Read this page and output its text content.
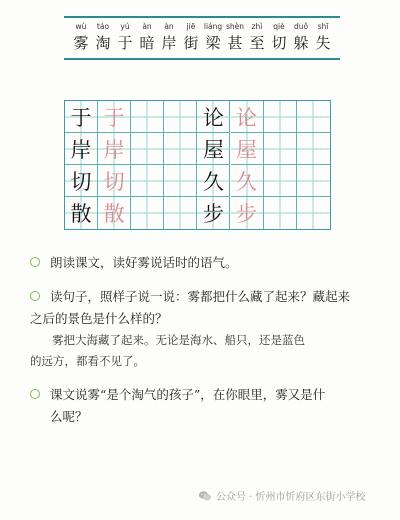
wù
雾
táo
淘
yú
于
àn
暗
àn
岸
jiē
街
liáng
梁
shèn
甚
zhì
至
qiè
切
duǒ
躲
shī
失
于 于	论 论
岸 岸	屋 屋
切 切	久 久
散 散	步 步
朗读课文，读好雾说话时的语气。
读句子，照样子说一说：雾都把什么藏了起来？藏起来
之后的景色是什么样的？
雾把大海藏了起来。无论是海水、船只，还是蓝色
的远方，都看不见了。
课文说雾“是个淘气的孩子”，在你眼里，雾又是什
么呢？
公众号 · 忻州市忻府区东街小学校
